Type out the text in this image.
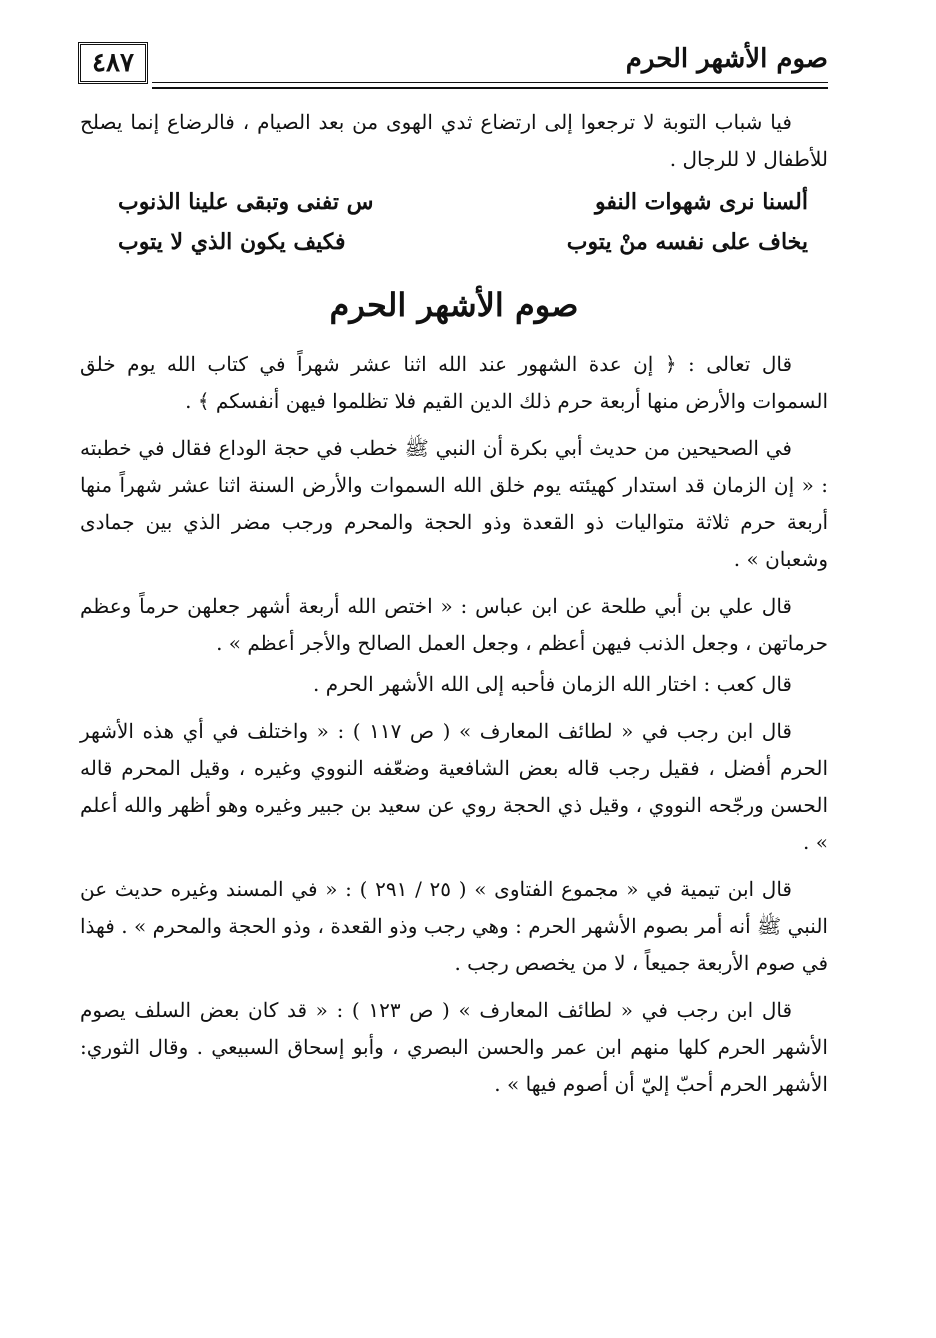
٤٨٧	صوم الأشهر الحرم

فيا شباب التوبة لا ترجعوا إلى ارتضاع ثدي الهوى من بعد الصيام ، فالرضاع إنما يصلح للأطفال لا للرجال .

ألسنا نرى شهوات النفو
س تفنى وتبقى علينا الذنوب
يخاف على نفسه منْ يتوب
فكيف يكون الذي لا يتوب
صوم الأشهر الحرم

قال تعالى : ﴿ إن عدة الشهور عند الله اثنا عشر شهراً في كتاب الله يوم خلق السموات والأرض منها أربعة حرم ذلك الدين القيم فلا تظلموا فيهن أنفسكم ﴾ .

في الصحيحين من حديث أبي بكرة أن النبي ﷺ خطب في حجة الوداع فقال في خطبته : « إن الزمان قد استدار كهيئته يوم خلق الله السموات والأرض السنة اثنا عشر شهراً منها أربعة حرم ثلاثة متواليات ذو القعدة وذو الحجة والمحرم ورجب مضر الذي بين جمادى وشعبان » .

قال علي بن أبي طلحة عن ابن عباس : « اختص الله أربعة أشهر جعلهن حرماً وعظم حرماتهن ، وجعل الذنب فيهن أعظم ، وجعل العمل الصالح والأجر أعظم » .

قال كعب : اختار الله الزمان فأحبه إلى الله الأشهر الحرم .

قال ابن رجب في « لطائف المعارف » ( ص ١١٧ ) : « واختلف في أي هذه الأشهر الحرم أفضل ، فقيل رجب قاله بعض الشافعية وضعّفه النووي وغيره ، وقيل المحرم قاله الحسن ورجّحه النووي ، وقيل ذي الحجة روي عن سعيد بن جبير وغيره وهو أظهر والله أعلم » .

قال ابن تيمية في « مجموع الفتاوى » ( ٢٥ / ٢٩١ ) : « في المسند وغيره حديث عن النبي ﷺ أنه أمر بصوم الأشهر الحرم : وهي رجب وذو القعدة ، وذو الحجة والمحرم » . فهذا في صوم الأربعة جميعاً ، لا من يخصص رجب .

قال ابن رجب في « لطائف المعارف » ( ص ١٢٣ ) : « قد كان بعض السلف يصوم الأشهر الحرم كلها منهم ابن عمر والحسن البصري ، وأبو إسحاق السبيعي . وقال الثوري: الأشهر الحرم أحبّ إليّ أن أصوم فيها » .
